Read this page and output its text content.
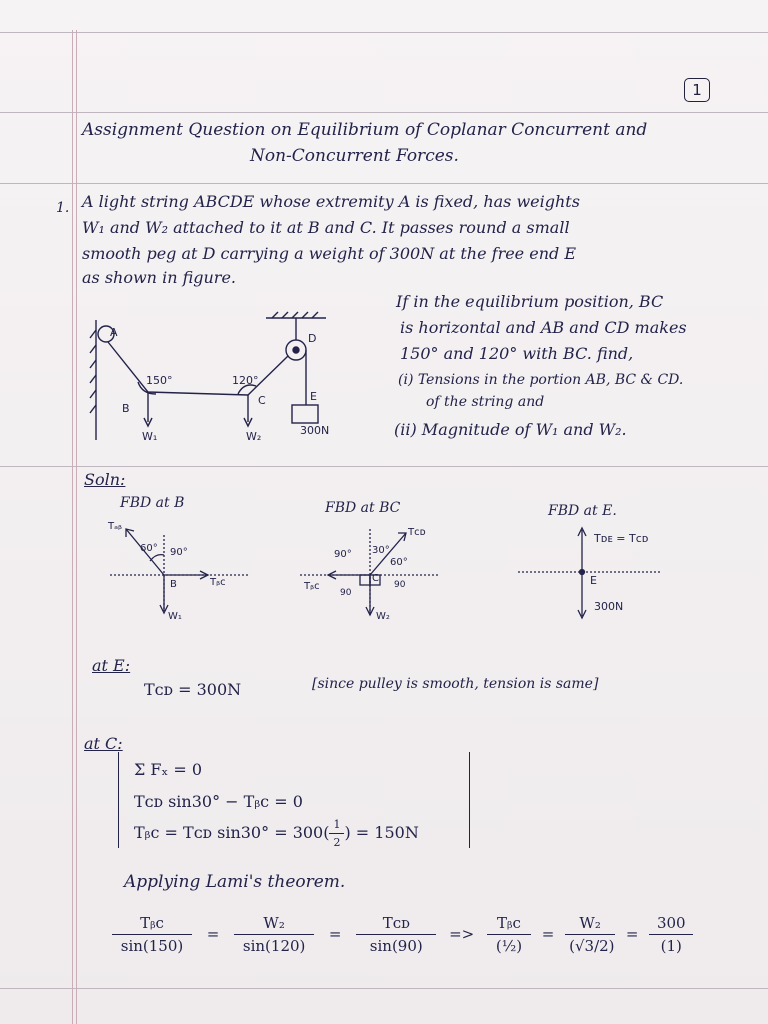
1
Assignment Question on Equilibrium of Coplanar Concurrent and
Non-Concurrent Forces.
1. A light string ABCDE whose extremity A is fixed, has weights
W₁ and W₂ attached to it at B and C. It passes round a small
smooth peg at D carrying a weight of 300N at the free end E
as shown in figure.
If in the equilibrium position, BC
is horizontal and AB and CD makes
150° and 120° with BC. find,
(i) Tensions in the portion AB, BC & CD.
of the string and
(ii) Magnitude of W₁ and W₂.
A	D
E
B
C
150°	120°
W₁	W₂	300N
Soln:
FBD at B	FBD at BC	FBD at E.
Tₐᵦ
60° 90°
B	Tᵦc
W₁
90° 30°
60°
Tᴄᴅ
Tᵦc
90
90
C
W₂
Tᴅᴇ = Tᴄᴅ
E
300N
at E:
Tᴄᴅ = 300N	[since pulley is smooth, tension is same]
at C:
Σ Fₓ = 0
Tᴄᴅ sin30° − Tᵦc = 0
Tᵦc = Tᴄᴅ $\sin 30^\circ = 300( \frac{1}{2}$ ) = 150N
Applying Lami's theorem.
$\frac{\text{Tᵦc}}{\sin(150)} = \frac{\text{W₂}}{\sin(120)} = \frac{\text{Tᴄᴅ}}{\sin(90)} => \frac{\text{Tᵦc}}{\text{(½)}} = \frac{\text{W₂}}{(√3/2)} = \frac{300}{(1)}$
